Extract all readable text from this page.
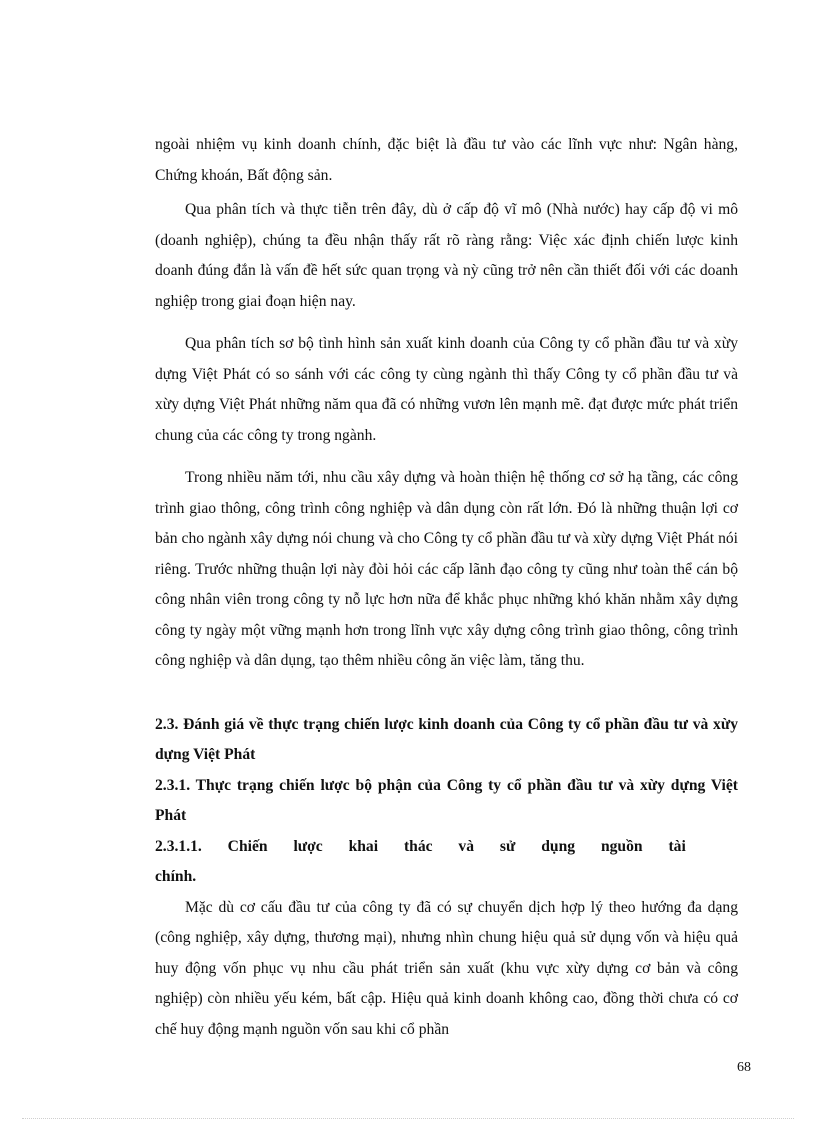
ngoài nhiệm vụ kinh doanh chính, đặc biệt là đầu tư vào các lĩnh vực như: Ngân hàng, Chứng khoán, Bất động sản.

Qua phân tích và thực tiễn trên đây, dù ở cấp độ vĩ mô (Nhà nước) hay cấp độ vi mô (doanh nghiệp), chúng ta đều nhận thấy rất rõ ràng rằng: Việc xác định chiến lược kinh doanh đúng đắn là vấn đề hết sức quan trọng và nỳ cũng trở nên cần thiết đối với các doanh nghiệp trong giai đoạn hiện nay.

Qua phân tích sơ bộ tình hình sản xuất kinh doanh của Công ty cổ phần đầu tư và xừy dựng Việt Phát có so sánh với các công ty cùng ngành thì thấy Công ty cổ phần đầu tư và xừy dựng Việt Phát những năm qua đã có những vươn lên mạnh mẽ. đạt được mức phát triển chung của các công ty trong ngành.

Trong nhiều năm tới, nhu cầu xây dựng và hoàn thiện hệ thống cơ sở hạ tầng, các công trình giao thông, công trình công nghiệp và dân dụng còn rất lớn. Đó là những thuận lợi cơ bản cho ngành xây dựng nói chung và cho Công ty cổ phần đầu tư và xừy dựng Việt Phát nói riêng. Trước những thuận lợi này đòi hỏi các cấp lãnh đạo công ty cũng như toàn thể cán bộ công nhân viên trong công ty nỗ lực hơn nữa để khắc phục những khó khăn nhằm xây dựng công ty ngày một vững mạnh hơn trong lĩnh vực xây dựng công trình giao thông, công trình công nghiệp và dân dụng, tạo thêm nhiều công ăn việc làm, tăng thu.

2.3. Đánh giá về thực trạng chiến lược kinh doanh của Công ty cổ phần đầu tư và xừy dựng Việt Phát
2.3.1. Thực trạng chiến lược bộ phận của Công ty cổ phần đầu tư và xừy dựng Việt Phát
2.3.1.1. Chiến lược khai thác và sử dụng nguồn tài chính.

Mặc dù cơ cấu đầu tư của công ty đã có sự chuyển dịch hợp lý theo hướng đa dạng (công nghiệp, xây dựng, thương mại), nhưng nhìn chung hiệu quả sử dụng vốn và hiệu quả huy động vốn phục vụ nhu cầu phát triển sản xuất (khu vực xừy dựng cơ bản và công nghiệp) còn nhiều yếu kém, bất cập. Hiệu quả kinh doanh không cao, đồng thời chưa có cơ chế huy động mạnh nguồn vốn sau khi cổ phần

68
